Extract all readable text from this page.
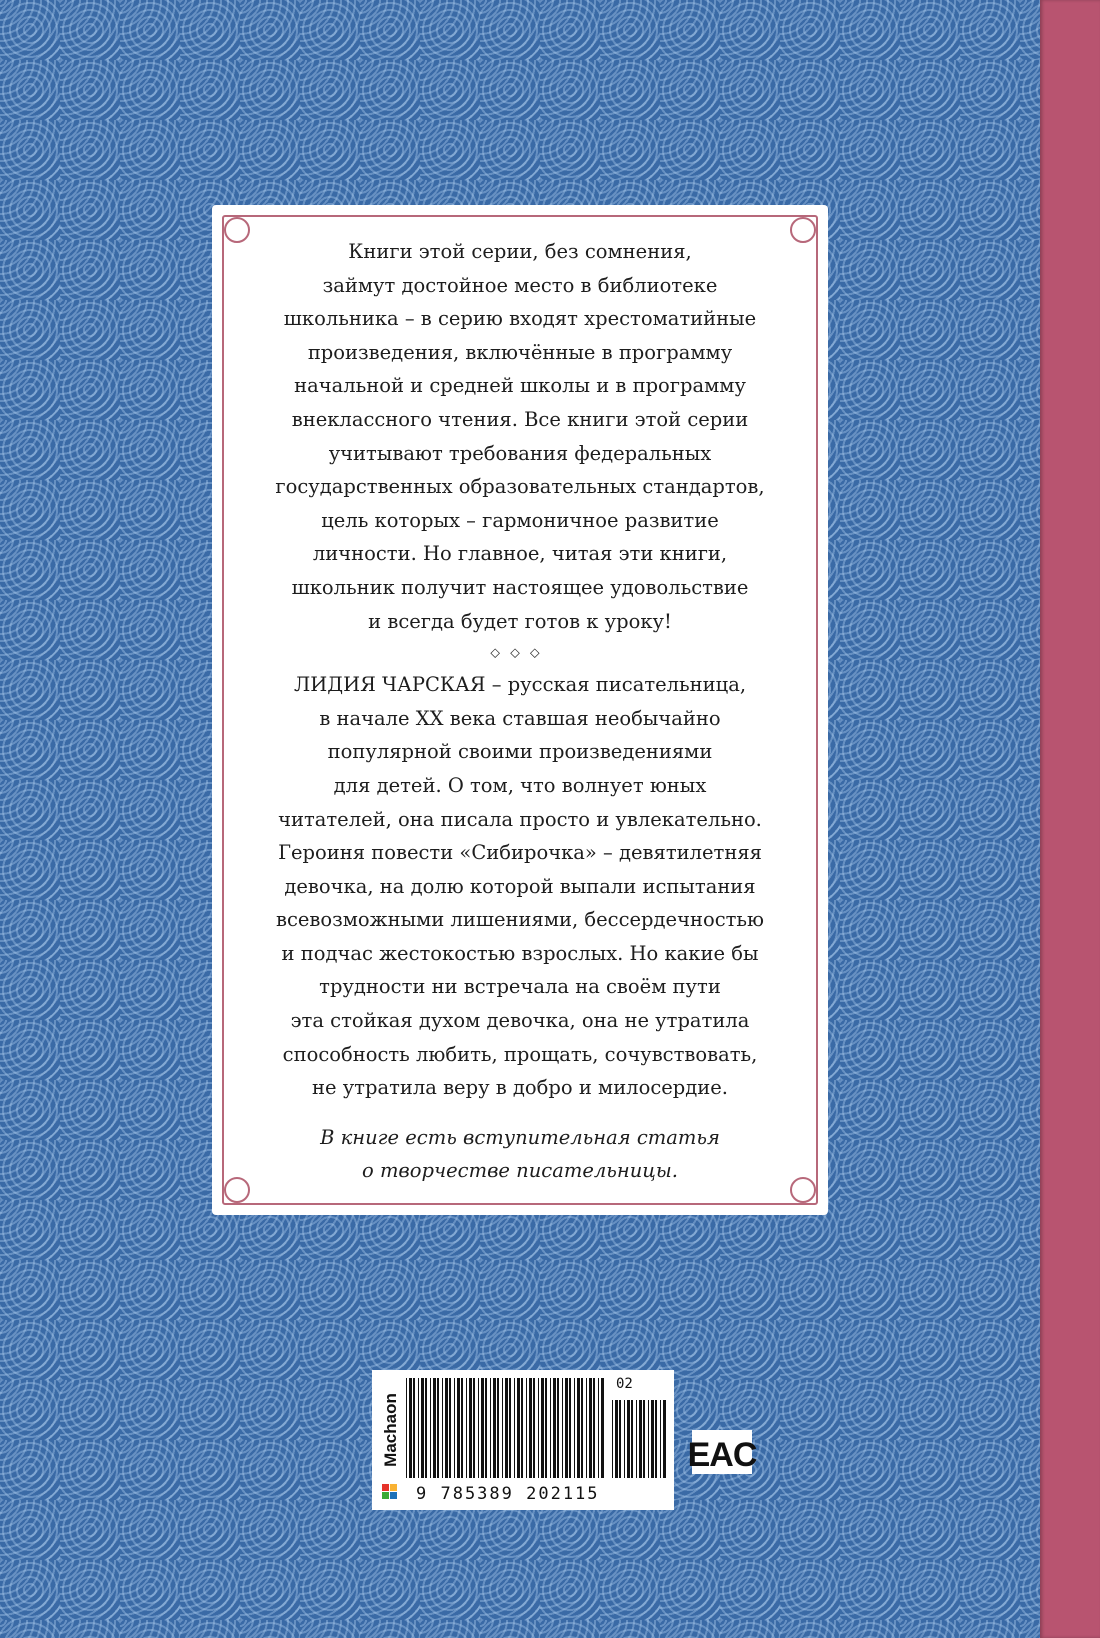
Книги этой серии, без сомнения,
займут достойное место в библиотеке
школьника – в серию входят хрестоматийные
произведения, включённые в программу
начальной и средней школы и в программу
внеклассного чтения. Все книги этой серии
учитывают требования федеральных
государственных образовательных стандартов,
цель которых – гармоничное развитие
личности. Но главное, читая эти книги,
школьник получит настоящее удовольствие
и всегда будет готов к уроку!
⬦⬦⬦
ЛИДИЯ ЧАРСКАЯ – русская писательница,
в начале XX века ставшая необычайно
популярной своими произведениями
для детей. О том, что волнует юных
читателей, она писала просто и увлекательно.
Героиня повести «Сибирочка» – девятилетняя
девочка, на долю которой выпали испытания
всевозможными лишениями, бессердечностью
и подчас жестокостью взрослых. Но какие бы
трудности ни встречала на своём пути
эта стойкая духом девочка, она не утратила
способность любить, прощать, сочувствовать,
не утратила веру в добро и милосердие.
В книге есть вступительная статья
о творчестве писательницы.
Machaon
9 785389 202115
02
EAC
